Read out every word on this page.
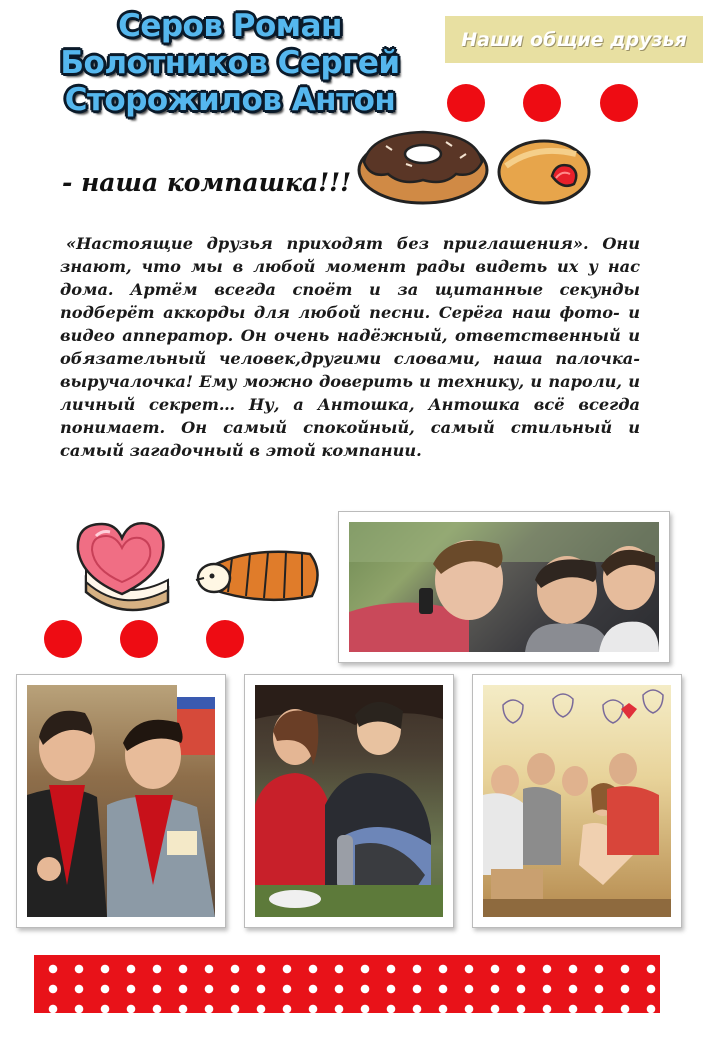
Серов Роман
Болотников Сергей
Сторожилов Антон
Наши общие друзья
- наша компашка!!!
«Настоящие друзья приходят без приглашения». Они знают, что мы в любой момент рады видеть их у нас дома. Артём всегда споёт и за щитанные секунды подберёт аккорды для любой песни. Серёга наш фото- и видео апператор. Он очень надёжный, ответственный и обязательный человек,другими словами, наша палочка-выручалочка! Ему можно доверить и технику, и пароли, и личный секрет… Ну, а Антошка, Антошка всё всегда понимает. Он самый спокойный, самый стильный и самый загадочный в этой компании.
